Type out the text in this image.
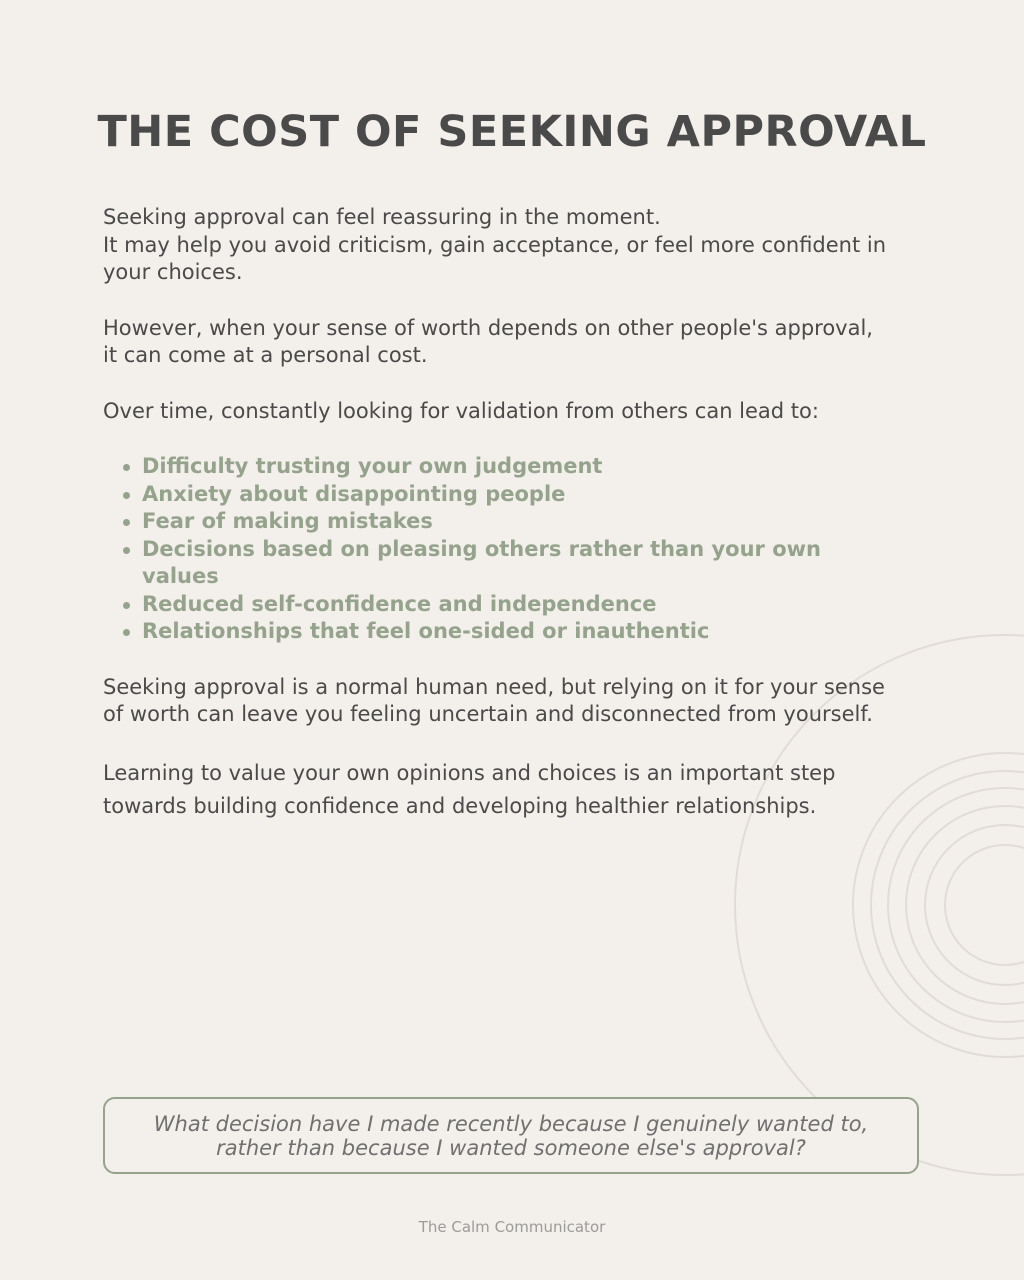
THE COST OF SEEKING APPROVAL

Seeking approval can feel reassuring in the moment.
It may help you avoid criticism, gain acceptance, or feel more confident in your choices.

However, when your sense of worth depends on other people's approval, it can come at a personal cost.

Over time, constantly looking for validation from others can lead to:

Difficulty trusting your own judgement
Anxiety about disappointing people
Fear of making mistakes
Decisions based on pleasing others rather than your own values
Reduced self-confidence and independence
Relationships that feel one-sided or inauthentic

Seeking approval is a normal human need, but relying on it for your sense of worth can leave you feeling uncertain and disconnected from yourself.

Learning to value your own opinions and choices is an important step towards building confidence and developing healthier relationships.

What decision have I made recently because I genuinely wanted to,
rather than because I wanted someone else's approval?
The Calm Communicator
